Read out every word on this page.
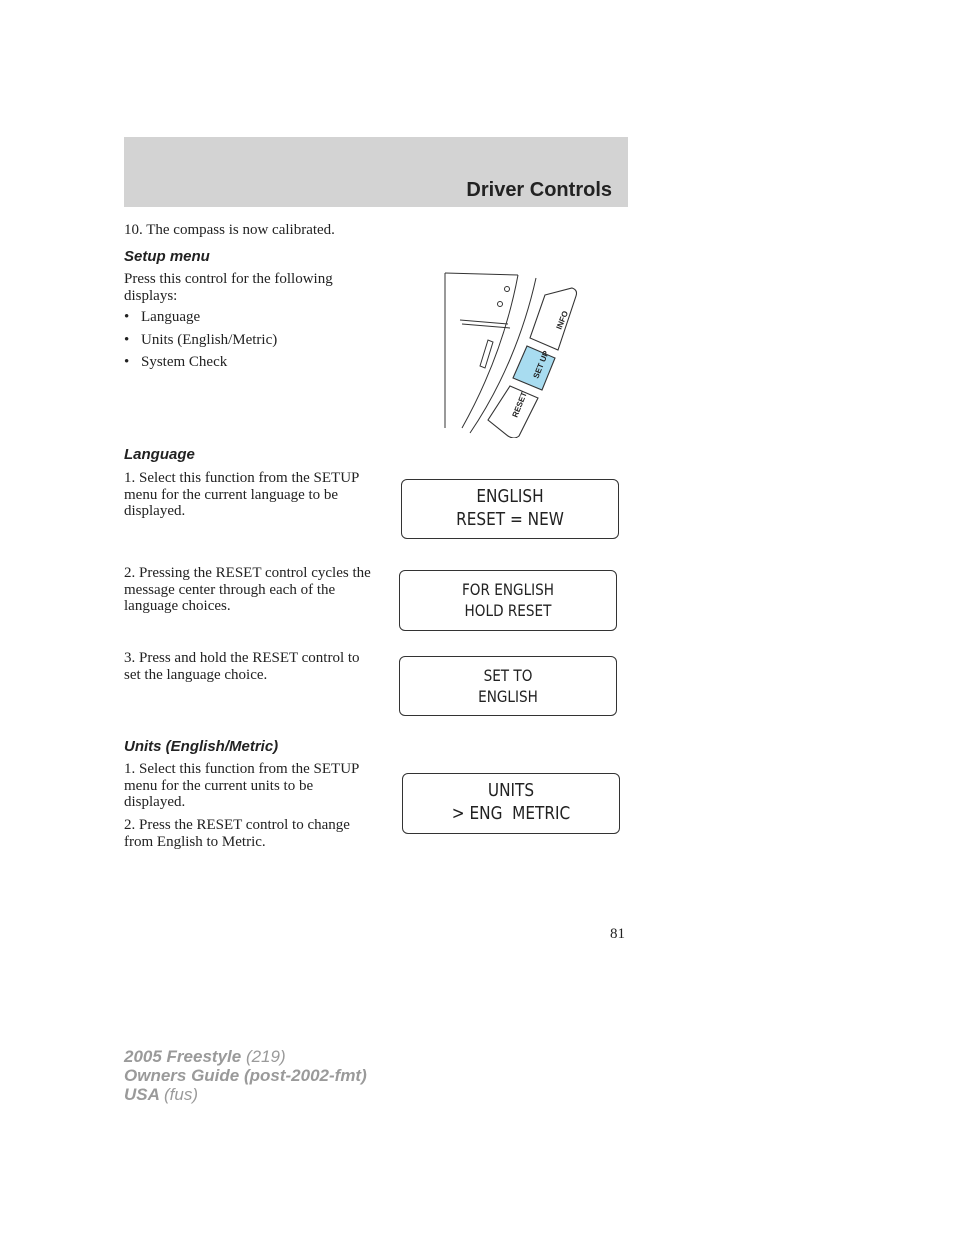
Driver Controls
10. The compass is now calibrated.
Setup menu
Press this control for the following displays:
• Language
• Units (English/Metric)
• System Check
INFO
SET UP
RESET
Language
1. Select this function from the SETUP menu for the current language to be displayed.
2. Pressing the RESET control cycles the message center through each of the language choices.
3. Press and hold the RESET control to set the language choice.
ENGLISH
RESET = NEW
FOR ENGLISH
HOLD RESET
SET TO
ENGLISH
Units (English/Metric)
1. Select this function from the SETUP menu for the current units to be displayed.
2. Press the RESET control to change from English to Metric.
UNITS
> ENG  METRIC
81
2005 Freestyle (219)
Owners Guide (post-2002-fmt)
USA (fus)
